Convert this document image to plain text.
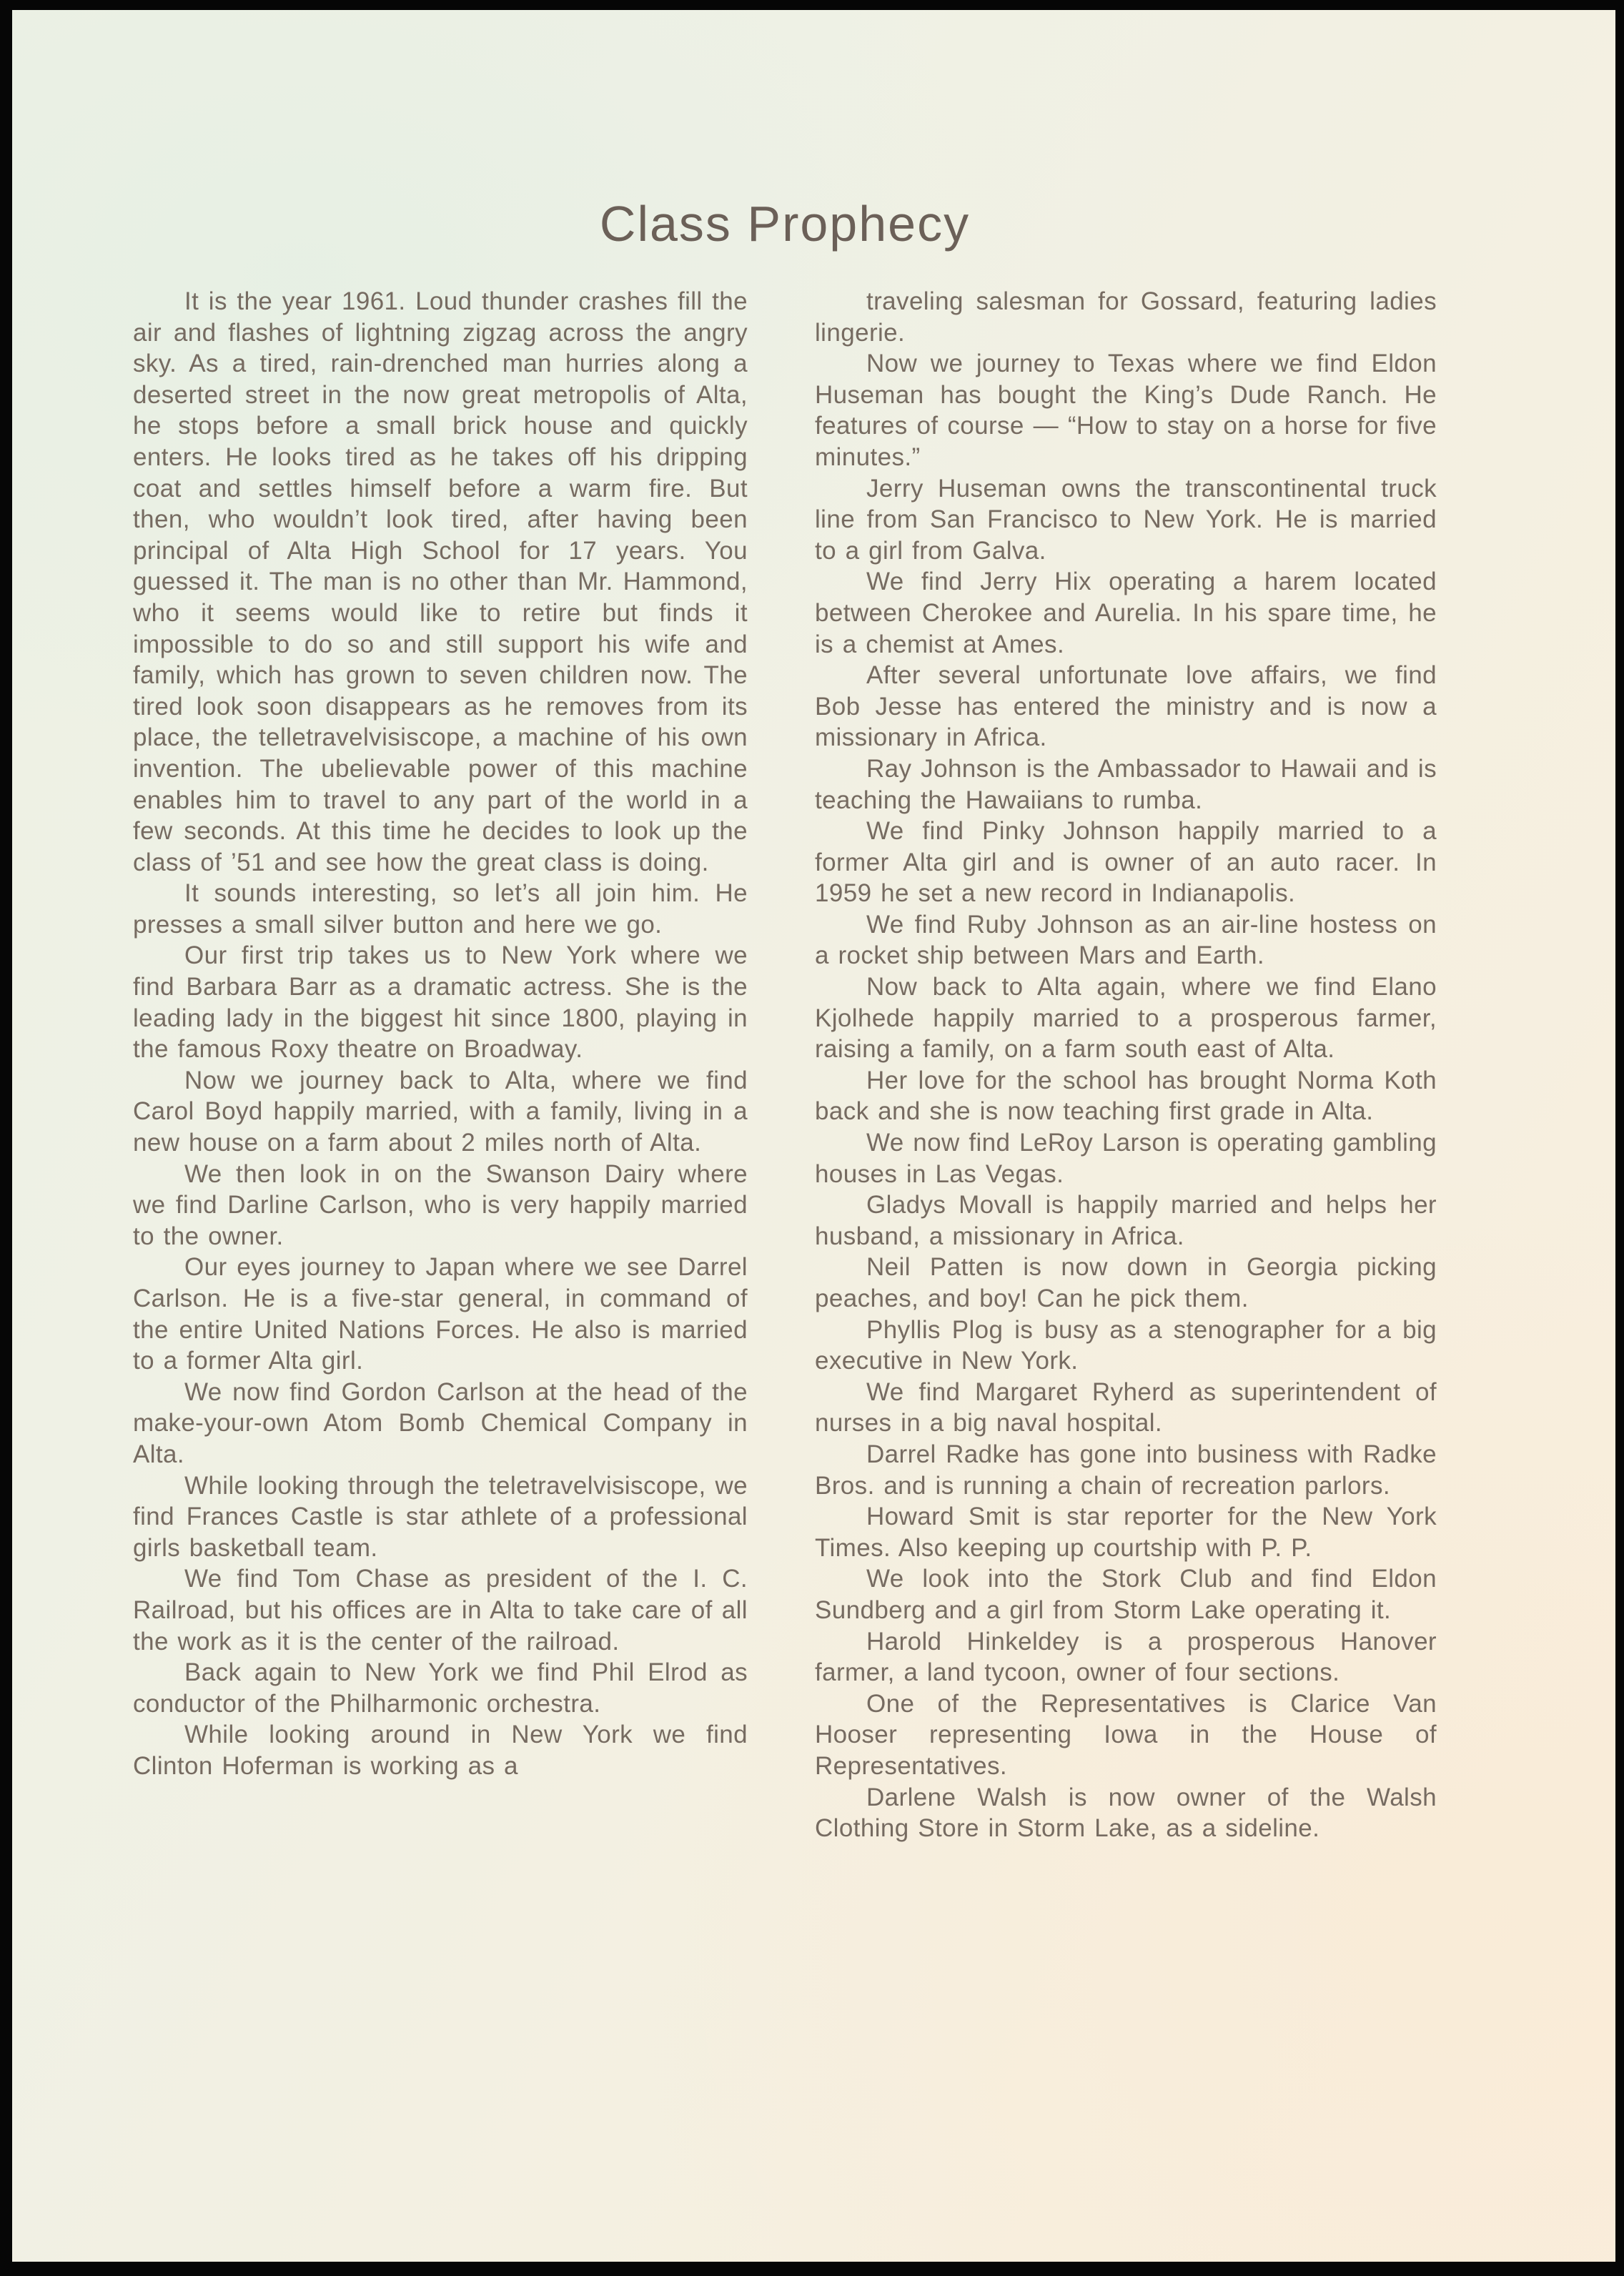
Class Prophecy

It is the year 1961. Loud thunder crashes fill the air and flashes of lightning zigzag across the angry sky. As a tired, rain-drenched man hurries along a deserted street in the now great metropolis of Alta, he stops before a small brick house and quickly enters. He looks tired as he takes off his dripping coat and settles himself before a warm fire. But then, who wouldn’t look tired, after having been principal of Alta High School for 17 years. You guessed it. The man is no other than Mr. Hammond, who it seems would like to retire but finds it impossible to do so and still support his wife and family, which has grown to seven children now. The tired look soon disappears as he removes from its place, the telletravelvisiscope, a machine of his own invention. The ubelievable power of this machine enables him to travel to any part of the world in a few seconds. At this time he decides to look up the class of ’51 and see how the great class is doing.

It sounds interesting, so let’s all join him. He presses a small silver button and here we go.

Our first trip takes us to New York where we find Barbara Barr as a dramatic actress. She is the leading lady in the biggest hit since 1800, playing in the famous Roxy theatre on Broadway.

Now we journey back to Alta, where we find Carol Boyd happily married, with a family, living in a new house on a farm about 2 miles north of Alta.

We then look in on the Swanson Dairy where we find Darline Carlson, who is very happily married to the owner.

Our eyes journey to Japan where we see Darrel Carlson. He is a five-star general, in command of the entire United Nations Forces. He also is married to a former Alta girl.

We now find Gordon Carlson at the head of the make-your-own Atom Bomb Chemical Company in Alta.

While looking through the teletravelvisiscope, we find Frances Castle is star athlete of a professional girls basketball team.

We find Tom Chase as president of the I. C. Railroad, but his offices are in Alta to take care of all the work as it is the center of the railroad.

Back again to New York we find Phil Elrod as conductor of the Philharmonic orchestra.

While looking around in New York we find Clinton Hoferman is working as a

traveling salesman for Gossard, featuring ladies lingerie.

Now we journey to Texas where we find Eldon Huseman has bought the King’s Dude Ranch. He features of course — “How to stay on a horse for five minutes.”

Jerry Huseman owns the transcontinental truck line from San Francisco to New York. He is married to a girl from Galva.

We find Jerry Hix operating a harem located between Cherokee and Aurelia. In his spare time, he is a chemist at Ames.

After several unfortunate love affairs, we find Bob Jesse has entered the ministry and is now a missionary in Africa.

Ray Johnson is the Ambassador to Hawaii and is teaching the Hawaiians to rumba.

We find Pinky Johnson happily married to a former Alta girl and is owner of an auto racer. In 1959 he set a new record in Indianapolis.

We find Ruby Johnson as an air-line hostess on a rocket ship between Mars and Earth.

Now back to Alta again, where we find Elano Kjolhede happily married to a prosperous farmer, raising a family, on a farm south east of Alta.

Her love for the school has brought Norma Koth back and she is now teaching first grade in Alta.

We now find LeRoy Larson is operating gambling houses in Las Vegas.

Gladys Movall is happily married and helps her husband, a missionary in Africa.

Neil Patten is now down in Georgia picking peaches, and boy! Can he pick them.

Phyllis Plog is busy as a stenographer for a big executive in New York.

We find Margaret Ryherd as superintendent of nurses in a big naval hospital.

Darrel Radke has gone into business with Radke Bros. and is running a chain of recreation parlors.

Howard Smit is star reporter for the New York Times. Also keeping up courtship with P. P.

We look into the Stork Club and find Eldon Sundberg and a girl from Storm Lake operating it.

Harold Hinkeldey is a prosperous Hanover farmer, a land tycoon, owner of four sections.

One of the Representatives is Clarice Van Hooser representing Iowa in the House of Representatives.

Darlene Walsh is now owner of the Walsh Clothing Store in Storm Lake, as a sideline.
